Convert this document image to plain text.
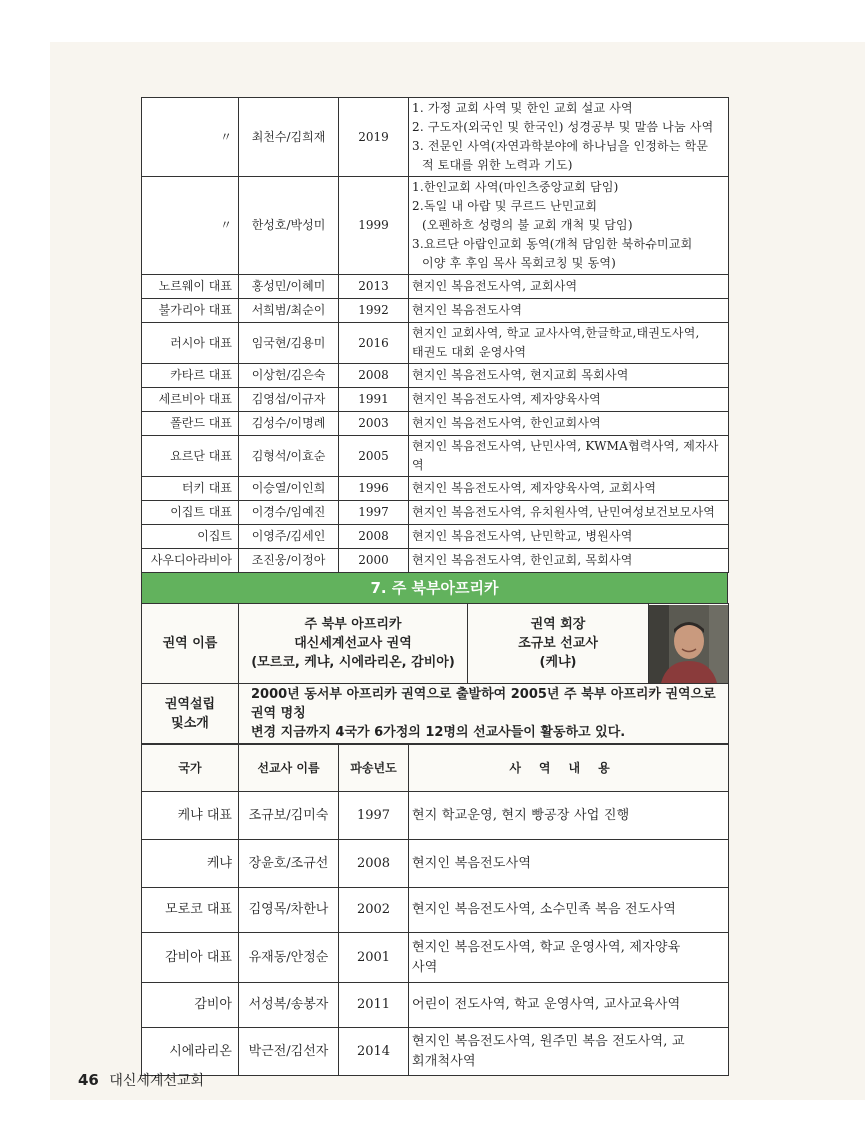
〃	최천수/김희재	2019	1. 가정 교회 사역 및 한인 교회 설교 사역
2. 구도자(외국인 및 한국인) 성경공부 및 말씀 나눔 사역
3. 전문인 사역(자연과학분야에 하나님을 인정하는 학문
적 토대를 위한 노력과 기도)

〃	한성호/박성미	1999	1.한인교회 사역(마인츠중앙교회 담임)
2.독일 내 아랍 및 쿠르드 난민교회
(오펜하흐 성령의 불 교회 개척 및 담임)
3.요르단 아랍인교회 동역(개척 담임한 북하슈미교회
이양 후 후임 목사 목회코칭 및 동역)

노르웨이 대표	홍성민/이혜미	2013	현지인 복음전도사역, 교회사역

불가리아 대표	서희범/최순이	1992	현지인 복음전도사역

러시아 대표	임국현/김용미	2016	현지인 교회사역, 학교 교사사역,한글학교,태권도사역,
태권도 대회 운영사역

카타르 대표	이상헌/김은숙	2008	현지인 복음전도사역, 현지교회 목회사역

세르비아 대표	김영섭/이규자	1991	현지인 복음전도사역, 제자양육사역

폴란드 대표	김성수/이명례	2003	현지인 복음전도사역, 한인교회사역

요르단 대표	김형석/이효순	2005	현지인 복음전도사역, 난민사역, KWMA협력사역, 제자사역

터키 대표	이승열/이인희	1996	현지인 복음전도사역, 제자양육사역, 교회사역

이집트 대표	이경수/임예진	1997	현지인 복음전도사역, 유치원사역, 난민여성보건보모사역

이집트	이영주/김세인	2008	현지인 복음전도사역, 난민학교, 병원사역

사우디아라비아	조진웅/이정아	2000	현지인 복음전도사역, 한인교회, 목회사역
7. 주 북부아프리카
권역 이름	주 북부 아프리카
대신세계선교사 권역
(모르코, 케냐, 시에라리온, 감비아)	권역 회장
조규보 선교사
(케냐)

권역설립
및소개	2000년 동서부 아프리카 권역으로 출발하여 2005년 주 북부 아프리카 권역으로 권역 명칭
변경 지금까지 4국가 6가정의 12명의 선교사들이 활동하고 있다.		
국가	선교사 이름	파송년도	사역내용
케냐 대표	조규보/김미숙	1997	현지 학교운영, 현지 빵공장 사업 진행

케냐	장윤호/조규선	2008	현지인 복음전도사역

모로코 대표	김영목/차한나	2002	현지인 복음전도사역, 소수민족 복음 전도사역

감비아 대표	유재동/안정순	2001	현지인 복음전도사역, 학교 운영사역, 제자양육
사역

감비아	서성복/송봉자	2011	어린이 전도사역, 학교 운영사역, 교사교육사역

시에라리온	박근전/김선자	2014	현지인 복음전도사역, 원주민 복음 전도사역, 교
회개척사역
46 대신세계선교회
